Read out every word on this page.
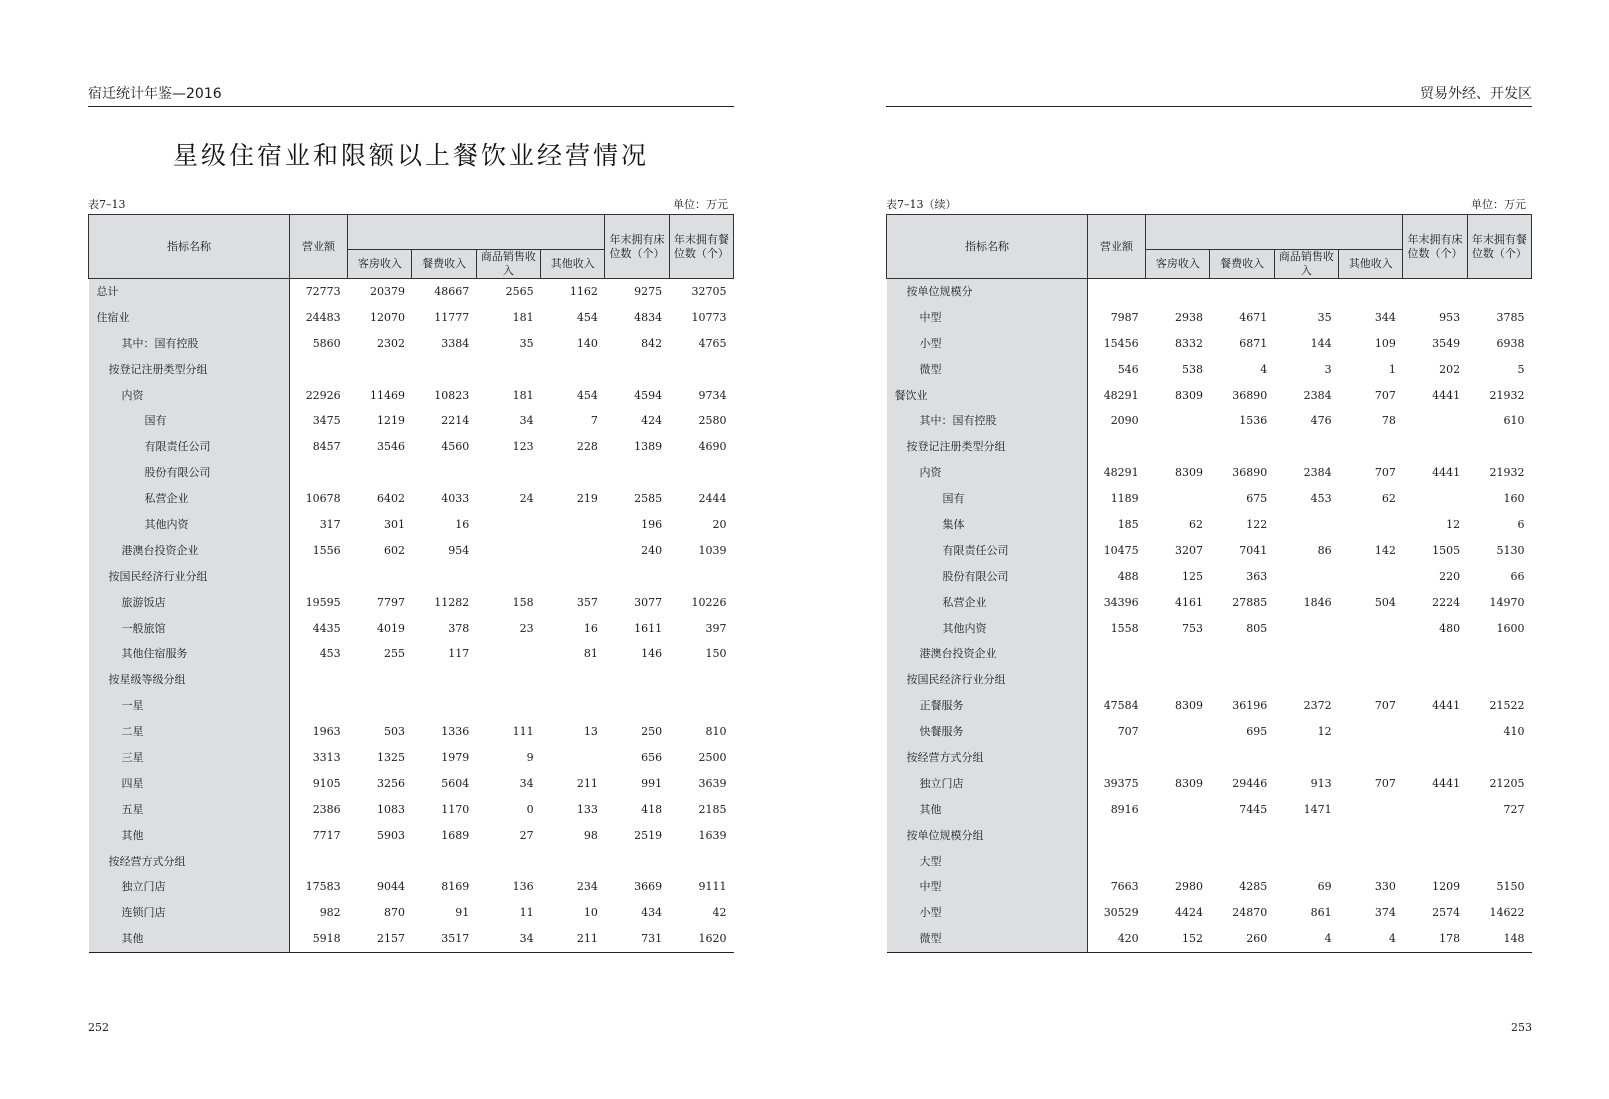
宿迁统计年鉴—2016
星级住宿业和限额以上餐饮业经营情况
表7–13	单位：万元
指标名称	营业额					年末拥有床位数（个）	年末拥有餐位数（个）
		客房收入	餐费收入	商品销售收入	其他收入		
总计	72773	20379	48667	2565	1162	9275	32705
住宿业	24483	12070	11777	181	454	4834	10773
其中：国有控股	5860	2302	3384	35	140	842	4765
按登记注册类型分组							
内资	22926	11469	10823	181	454	4594	9734
国有	3475	1219	2214	34	7	424	2580
有限责任公司	8457	3546	4560	123	228	1389	4690
股份有限公司							
私营企业	10678	6402	4033	24	219	2585	2444
其他内资	317	301	16			196	20
港澳台投资企业	1556	602	954			240	1039
按国民经济行业分组							
旅游饭店	19595	7797	11282	158	357	3077	10226
一般旅馆	4435	4019	378	23	16	1611	397
其他住宿服务	453	255	117		81	146	150
按星级等级分组							
一星							
二星	1963	503	1336	111	13	250	810
三星	3313	1325	1979	9		656	2500
四星	9105	3256	5604	34	211	991	3639
五星	2386	1083	1170	0	133	418	2185
其他	7717	5903	1689	27	98	2519	1639
按经营方式分组							
独立门店	17583	9044	8169	136	234	3669	9111
连锁门店	982	870	91	11	10	434	42
其他	5918	2157	3517	34	211	731	1620
252
贸易外经、开发区
表7–13（续）	单位：万元
指标名称	营业额					年末拥有床位数（个）	年末拥有餐位数（个）
		客房收入	餐费收入	商品销售收入	其他收入		
按单位规模分							
中型	7987	2938	4671	35	344	953	3785
小型	15456	8332	6871	144	109	3549	6938
微型	546	538	4	3	1	202	5
餐饮业	48291	8309	36890	2384	707	4441	21932
其中：国有控股	2090		1536	476	78		610
按登记注册类型分组							
内资	48291	8309	36890	2384	707	4441	21932
国有	1189		675	453	62		160
集体	185	62	122			12	6
有限责任公司	10475	3207	7041	86	142	1505	5130
股份有限公司	488	125	363			220	66
私营企业	34396	4161	27885	1846	504	2224	14970
其他内资	1558	753	805			480	1600
港澳台投资企业							
按国民经济行业分组							
正餐服务	47584	8309	36196	2372	707	4441	21522
快餐服务	707		695	12			410
按经营方式分组							
独立门店	39375	8309	29446	913	707	4441	21205
其他	8916		7445	1471			727
按单位规模分组							
大型							
中型	7663	2980	4285	69	330	1209	5150
小型	30529	4424	24870	861	374	2574	14622
微型	420	152	260	4	4	178	148
253
